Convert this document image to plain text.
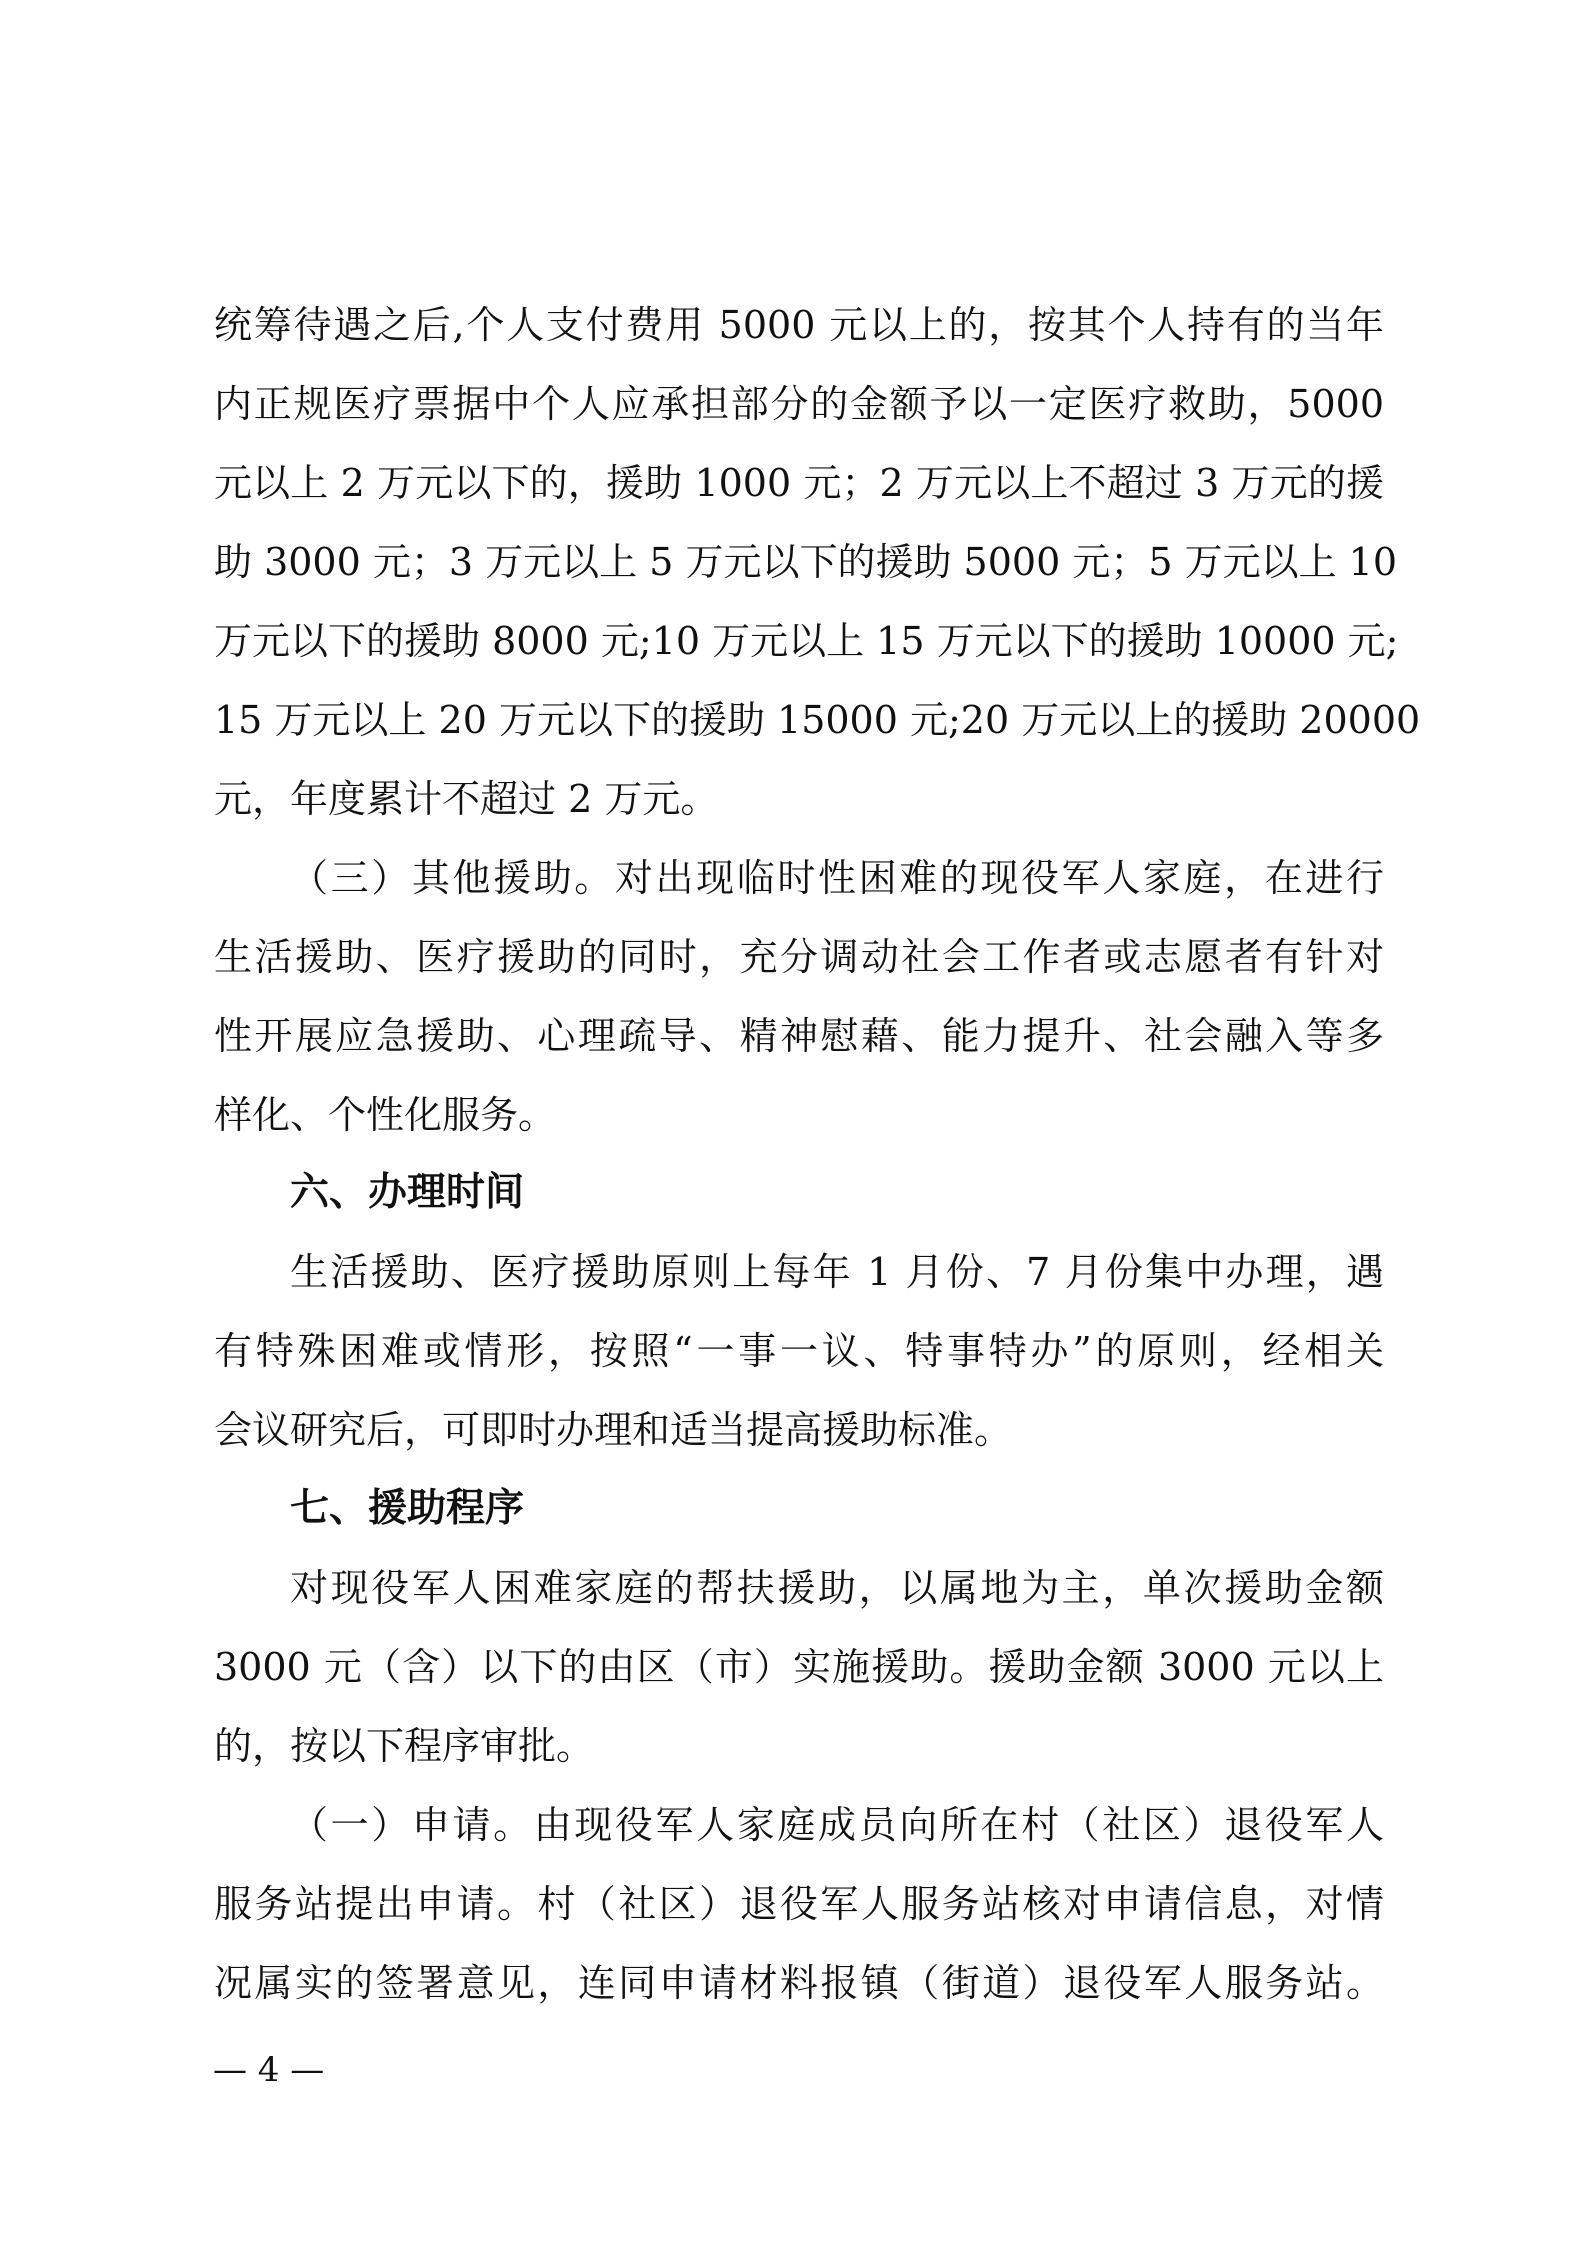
统筹待遇之后,个人支付费用 5000 元以上的，按其个人持有的当年
内正规医疗票据中个人应承担部分的金额予以一定医疗救助，5000
元以上 2 万元以下的，援助 1000 元；2 万元以上不超过 3 万元的援
助 3000 元；3 万元以上 5 万元以下的援助 5000 元；5 万元以上 10
万元以下的援助 8000 元;10 万元以上 15 万元以下的援助 10000 元;
15 万元以上 20 万元以下的援助 15000 元;20 万元以上的援助 20000
元，年度累计不超过 2 万元。
（三）其他援助。对出现临时性困难的现役军人家庭，在进行
生活援助、医疗援助的同时，充分调动社会工作者或志愿者有针对
性开展应急援助、心理疏导、精神慰藉、能力提升、社会融入等多
样化、个性化服务。
六、办理时间
生活援助、医疗援助原则上每年 1 月份、7 月份集中办理，遇
有特殊困难或情形，按照“一事一议、特事特办”的原则，经相关
会议研究后，可即时办理和适当提高援助标准。
七、援助程序
对现役军人困难家庭的帮扶援助，以属地为主，单次援助金额
3000 元（含）以下的由区（市）实施援助。援助金额 3000 元以上
的，按以下程序审批。
（一）申请。由现役军人家庭成员向所在村（社区）退役军人
服务站提出申请。村（社区）退役军人服务站核对申请信息，对情
况属实的签署意见，连同申请材料报镇（街道）退役军人服务站。
— 4 —
